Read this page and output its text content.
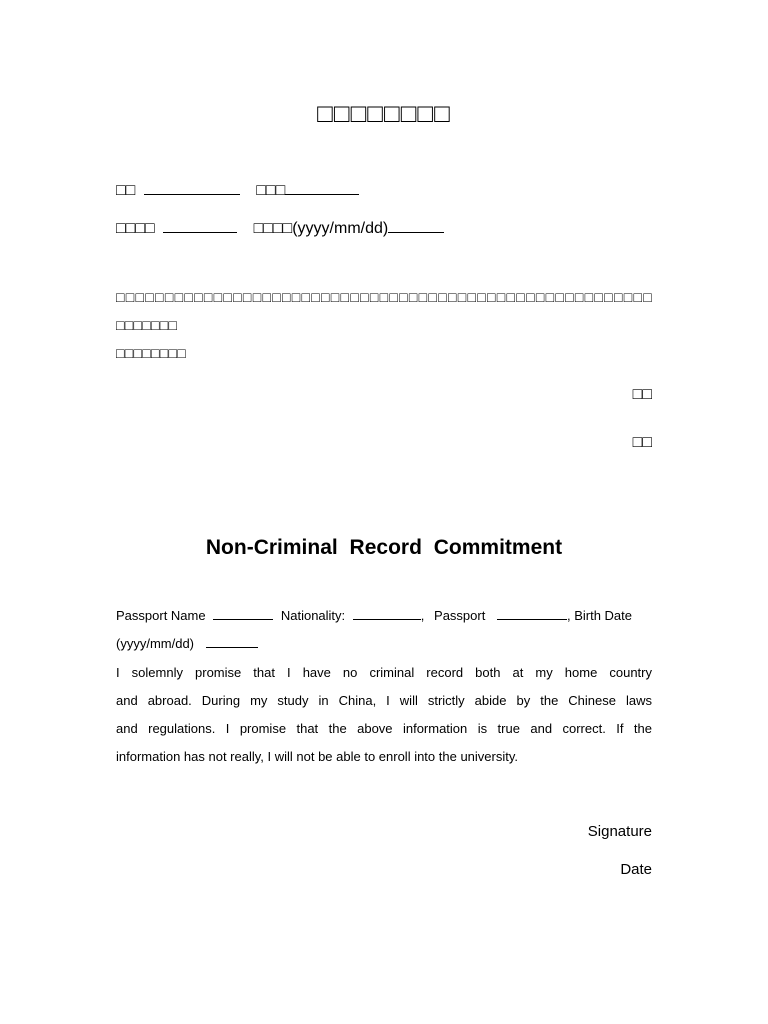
□□□□□□□□
□□	□□□
□□□□	□□□□(yyyy/mm/dd)
□□□□□□□□□□□□□□□□□□□□□□□□□□□□□□□□□□□□□□□□□□□□□□□□□□□□□□□ □□□□□□□
□□□□□□□□
□□
□□
Non-Criminal Record Commitment
Passport Name	Nationality:	, Passport	, Birth Date
(yyyy/mm/dd)
I solemnly promise that I have no criminal record both at my home country
and abroad. During my study in China, I will strictly abide by the Chinese laws
and regulations. I promise that the above information is true and correct. If the
information has not really, I will not be able to enroll into the university.
Signature
Date
